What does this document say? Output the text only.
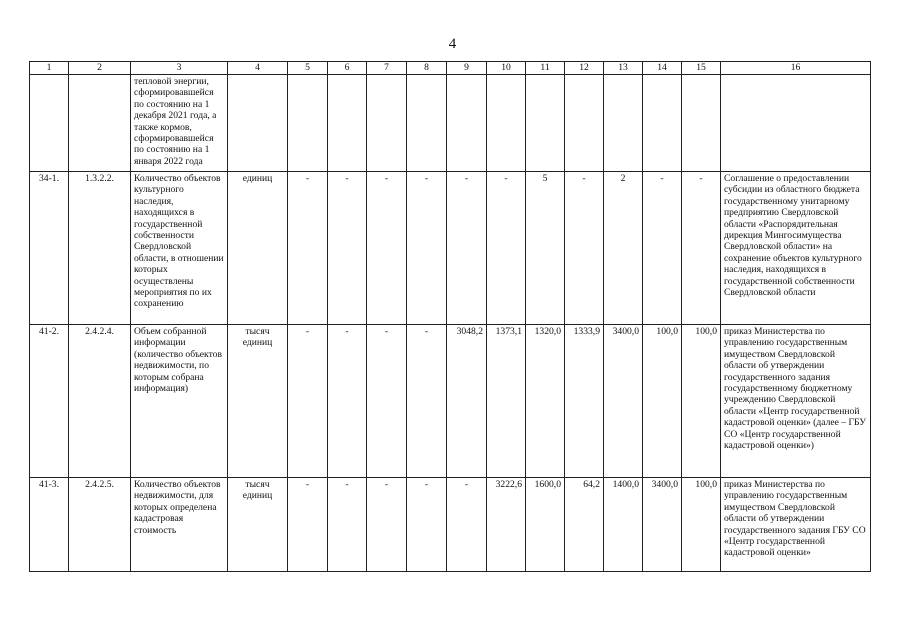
4
1	2	3	4	5	6	7	8	9	10	11	12	13	14	15	16
		тепловой энергии, сформировавшейся по состоянию на 1 декабря 2021 года, а также кормов, сформировавшейся по состоянию на 1 января 2022 года													
34-1.	1.3.2.2.	Количество объектов культурного наследия, находящихся в государственной собственности Свердловской области, в отношении которых осуществлены мероприятия по их сохранению	единиц	-	-	-	-	-	-	5	-	2	-	-	Соглашение о предоставлении субсидии из областного бюджета государственному унитарному предприятию Свердловской области «Распорядительная дирекция Мингосимущества Свердловской области» на сохранение объектов культурного наследия, находящихся в государственной собственности Свердловской области
41-2.	2.4.2.4.	Объем собранной информации (количество объектов недвижимости, по которым собрана информация)	тысяч единиц	-	-	-	-	3048,2	1373,1	1320,0	1333,9	3400,0	100,0	100,0	приказ Министерства по управлению государственным имуществом Свердловской области об утверждении государственного задания государственному бюджетному учреждению Свердловской области «Центр государственной кадастровой оценки» (далее – ГБУ СО «Центр государственной кадастровой оценки»)
41-3.	2.4.2.5.	Количество объектов недвижимости, для которых определена кадастровая стоимость	тысяч единиц	-	-	-	-	-	3222,6	1600,0	64,2	1400,0	3400,0	100,0	приказ Министерства по управлению государственным имуществом Свердловской области об утверждении государственного задания ГБУ СО «Центр государственной кадастровой оценки»
